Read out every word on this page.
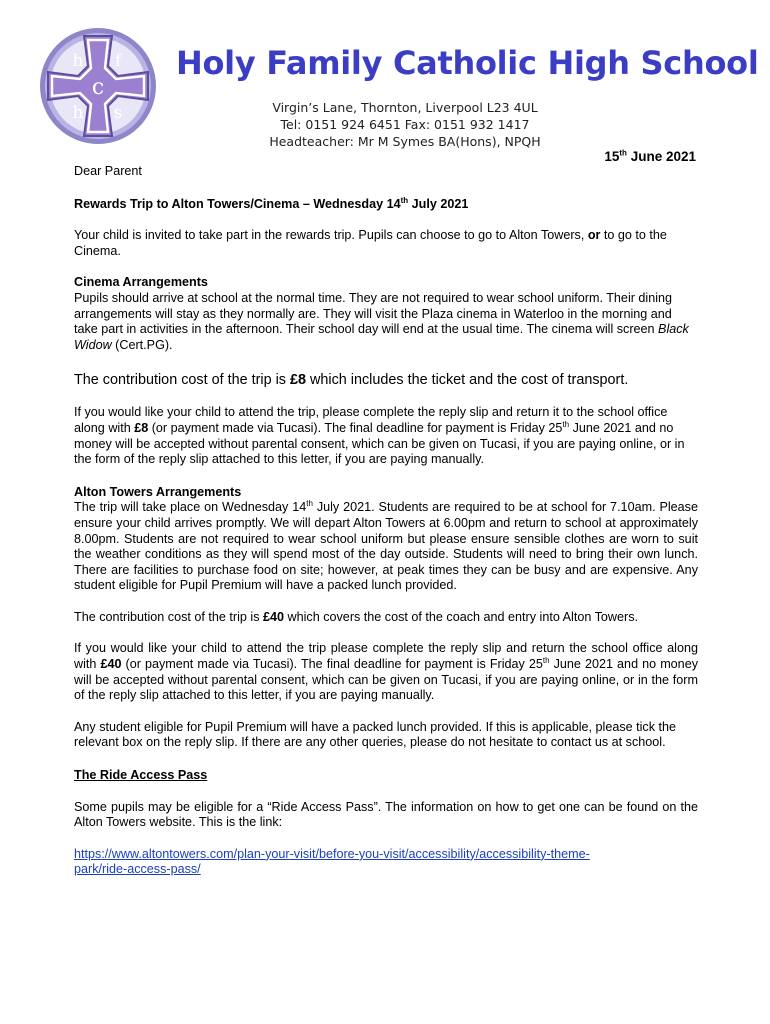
h f
c
h s
Holy Family Catholic High School
Virgin’s Lane, Thornton, Liverpool L23 4UL
Tel: 0151 924 6451 Fax: 0151 932 1417
Headteacher: Mr M Symes BA(Hons), NPQH
15th June 2021

Dear Parent

Rewards Trip to Alton Towers/Cinema – Wednesday 14th July 2021

Your child is invited to take part in the rewards trip. Pupils can choose to go to Alton Towers, or to go to the Cinema.

Cinema Arrangements

Pupils should arrive at school at the normal time. They are not required to wear school uniform. Their dining arrangements will stay as they normally are. They will visit the Plaza cinema in Waterloo in the morning and take part in activities in the afternoon. Their school day will end at the usual time. The cinema will screen Black Widow (Cert.PG).

The contribution cost of the trip is £8 which includes the ticket and the cost of transport.

If you would like your child to attend the trip, please complete the reply slip and return it to the school office along with £8 (or payment made via Tucasi). The final deadline for payment is Friday 25th June 2021 and no money will be accepted without parental consent, which can be given on Tucasi, if you are paying online, or in the form of the reply slip attached to this letter, if you are paying manually.

Alton Towers Arrangements

The trip will take place on Wednesday 14th July 2021. Students are required to be at school for 7.10am. Please ensure your child arrives promptly. We will depart Alton Towers at 6.00pm and return to school at approximately 8.00pm. Students are not required to wear school uniform but please ensure sensible clothes are worn to suit the weather conditions as they will spend most of the day outside. Students will need to bring their own lunch. There are facilities to purchase food on site; however, at peak times they can be busy and are expensive. Any student eligible for Pupil Premium will have a packed lunch provided.

The contribution cost of the trip is £40 which covers the cost of the coach and entry into Alton Towers.

If you would like your child to attend the trip please complete the reply slip and return the school office along with £40 (or payment made via Tucasi). The final deadline for payment is Friday 25th June 2021 and no money will be accepted without parental consent, which can be given on Tucasi, if you are paying online, or in the form of the reply slip attached to this letter, if you are paying manually.

Any student eligible for Pupil Premium will have a packed lunch provided. If this is applicable, please tick the relevant box on the reply slip. If there are any other queries, please do not hesitate to contact us at school.

The Ride Access Pass

Some pupils may be eligible for a “Ride Access Pass”. The information on how to get one can be found on the Alton Towers website. This is the link:

https://www.altontowers.com/plan-your-visit/before-you-visit/accessibility/accessibility-theme-
park/ride-access-pass/
